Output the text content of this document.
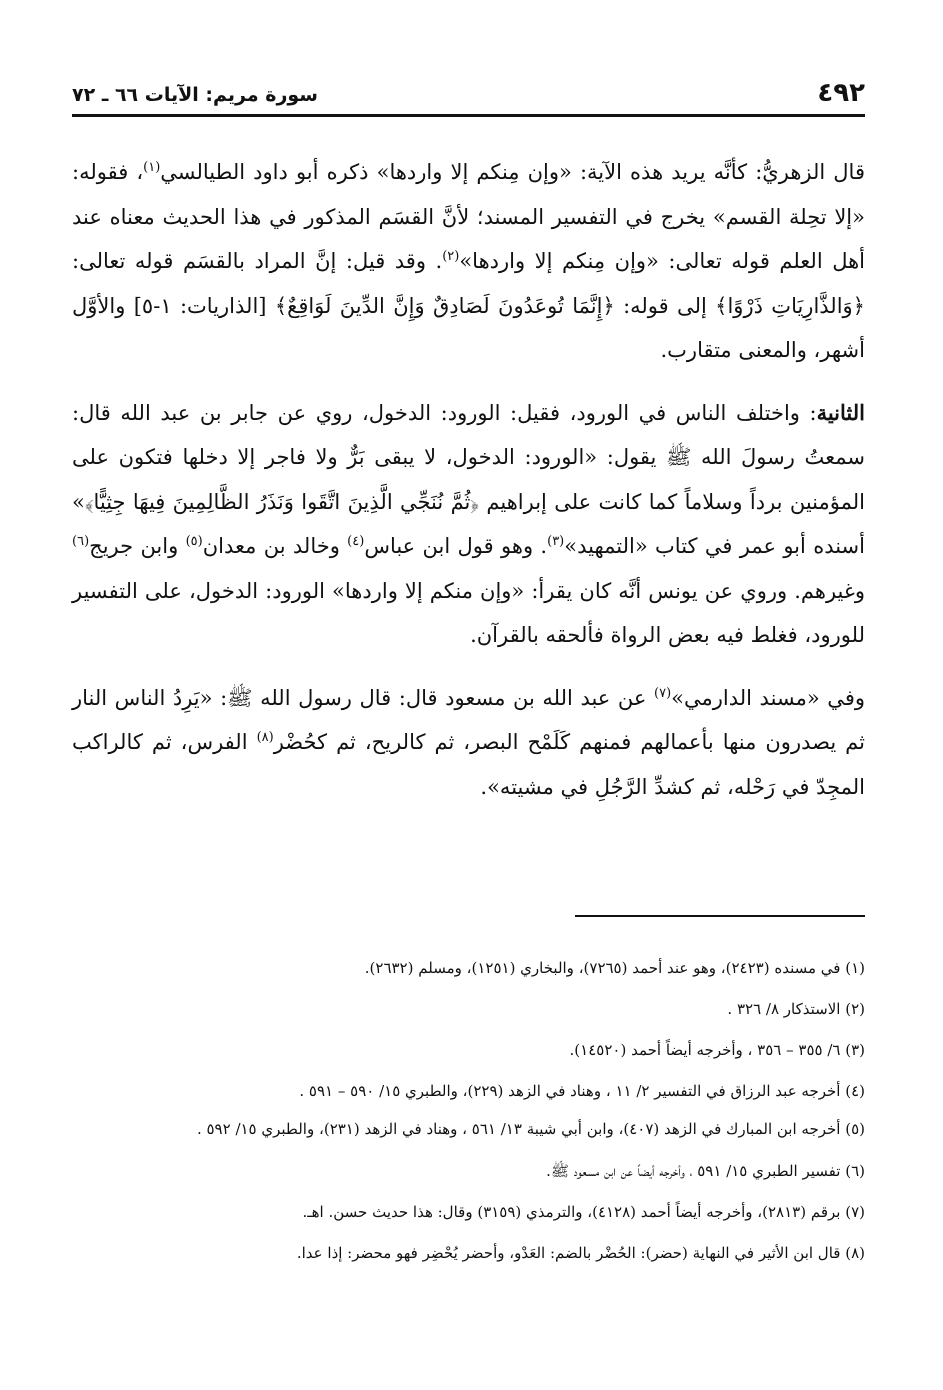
٤٩٢
سورة مريم: الآيات ٦٦ ـ ٧٢

قال الزهريُّ: كأنَّه يريد هذه الآية: «وإن مِنكم إلا واردها» ذكره أبو داود الطيالسي$^{(١)}$، فقوله: «إلا تحِلة القسم» يخرج في التفسير المسند؛ لأنَّ القسَم المذكور في هذا الحديث معناه عند أهل العلم قوله تعالى: «وإن مِنكم إلا واردها»$^{(٢)}$. وقد قيل: إنَّ المراد بالقسَم قوله تعالى: ﴿وَالذَّارِيَاتِ ذَرْوًا﴾ إلى قوله: ﴿إِنَّمَا تُوعَدُونَ لَصَادِقٌ وَإِنَّ الدِّينَ لَوَاقِعٌ﴾ [الذاريات: ١-٥] والأوَّل أشهر، والمعنى متقارب.

الثانية: واختلف الناس في الورود، فقيل: الورود: الدخول، روي عن جابر بن عبد الله قال: سمعتُ رسولَ الله ﷺ يقول: «الورود: الدخول، لا يبقى بَرٌّ ولا فاجر إلا دخلها فتكون على المؤمنين برداً وسلاماً كما كانت على إبراهيم ﴿ثُمَّ نُنَجِّي الَّذِينَ اتَّقَوا وَنَذَرُ الظَّالِمِينَ فِيهَا جِثِيًّا﴾» أسنده أبو عمر في كتاب «التمهيد»$^{(٣)}$. وهو قول ابن عباس$^{(٤)}$ وخالد بن معدان$^{(٥)}$ وابن جريج$^{(٦)}$ وغيرهم. وروي عن يونس أنَّه كان يقرأ: «وإن منكم إلا واردها» الورود: الدخول، على التفسير للورود، فغلط فيه بعض الرواة فألحقه بالقرآن.

وفي «مسند الدارمي»$^{(٧)}$ عن عبد الله بن مسعود قال: قال رسول الله ﷺ: «يَرِدُ الناس النار ثم يصدرون منها بأعمالهم فمنهم كَلَمْح البصر، ثم كالريح، ثم كحُضْر$^{(٨)}$ الفرس، ثم كالراكب المجِدّ في رَحْله، ثم كشدِّ الرَّجُلِ في مشيته».

(١) في مسنده (٢٤٢٣)، وهو عند أحمد (٧٢٦٥)، والبخاري (١٢٥١)، ومسلم (٢٦٣٢).

(٢) الاستذكار ٨/ ٣٢٦ .

(٣) ٦/ ٣٥٥ – ٣٥٦ ، وأخرجه أيضاً أحمد (١٤٥٢٠).

(٤) أخرجه عبد الرزاق في التفسير ٢/ ١١ ، وهناد في الزهد (٢٢٩)، والطبري ١٥/ ٥٩٠ – ٥٩١ .

(٥) أخرجه ابن المبارك في الزهد (٤٠٧)، وابن أبي شيبة ١٣/ ٥٦١ ، وهناد في الزهد (٢٣١)، والطبري ١٥/ ٥٩٢ .

(٦) تفسير الطبري ١٥/ ٥٩١ ، وأخرجه أيضاً عن ابن مسعود ﷺ.

(٧) برقم (٢٨١٣)، وأخرجه أيضاً أحمد (٤١٢٨)، والترمذي (٣١٥٩) وقال: هذا حديث حسن. اهـ.

(٨) قال ابن الأثير في النهاية (حضر): الحُضْر بالضم: العَدْو، وأحضر يُحْضِر فهو محضر: إذا عدا.
